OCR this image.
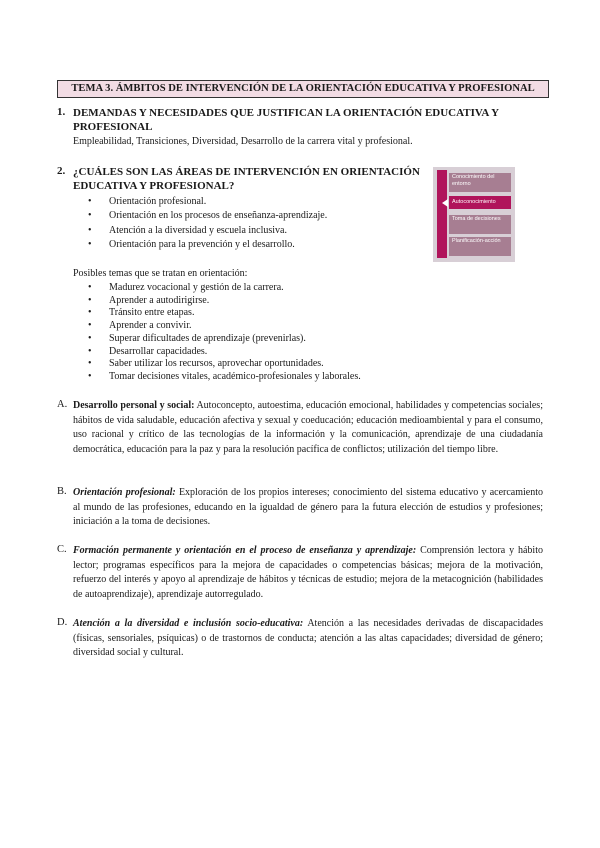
TEMA 3. ÁMBITOS DE INTERVENCIÓN DE LA ORIENTACIÓN EDUCATIVA Y PROFESIONAL
1. DEMANDAS Y NECESIDADES QUE JUSTIFICAN LA ORIENTACIÓN EDUCATIVA Y PROFESIONAL
Empleabilidad, Transiciones, Diversidad, Desarrollo de la carrera vital y profesional.
2. ¿CUÁLES SON LAS ÁREAS DE INTERVENCIÓN EN ORIENTACIÓN EDUCATIVA Y PROFESIONAL?
• Orientación profesional.
• Orientación en los procesos de enseñanza-aprendizaje.
• Atención a la diversidad y escuela inclusiva.
• Orientación para la prevención y el desarrollo.
Conocimiento del entorno
Autoconocimiento
Toma de decisiones
Planificación-acción
Posibles temas que se tratan en orientación:
• Madurez vocacional y gestión de la carrera.
• Aprender a autodirigirse.
• Tránsito entre etapas.
• Aprender a convivir.
• Superar dificultades de aprendizaje (prevenirlas).
• Desarrollar capacidades.
• Saber utilizar los recursos, aprovechar oportunidades.
• Tomar decisiones vitales, académico-profesionales y laborales.
A. Desarrollo personal y social: Autoconcepto, autoestima, educación emocional, habilidades y competencias sociales; hábitos de vida saludable, educación afectiva y sexual y coeducación; educación medioambiental y para el consumo, uso racional y crítico de las tecnologías de la información y la comunicación, aprendizaje de una ciudadanía democrática, educación para la paz y para la resolución pacífica de conflictos; utilización del tiempo libre.
B. Orientación profesional: Exploración de los propios intereses; conocimiento del sistema educativo y acercamiento al mundo de las profesiones, educando en la igualdad de género para la futura elección de estudios y profesiones; iniciación a la toma de decisiones.
C. Formación permanente y orientación en el proceso de enseñanza y aprendizaje: Comprensión lectora y hábito lector; programas específicos para la mejora de capacidades o competencias básicas; mejora de la motivación, refuerzo del interés y apoyo al aprendizaje de hábitos y técnicas de estudio; mejora de la metacognición (habilidades de autoaprendizaje), aprendizaje autorregulado.
D. Atención a la diversidad e inclusión socio-educativa: Atención a las necesidades derivadas de discapacidades (físicas, sensoriales, psíquicas) o de trastornos de conducta; atención a las altas capacidades; diversidad de género; diversidad social y cultural.
